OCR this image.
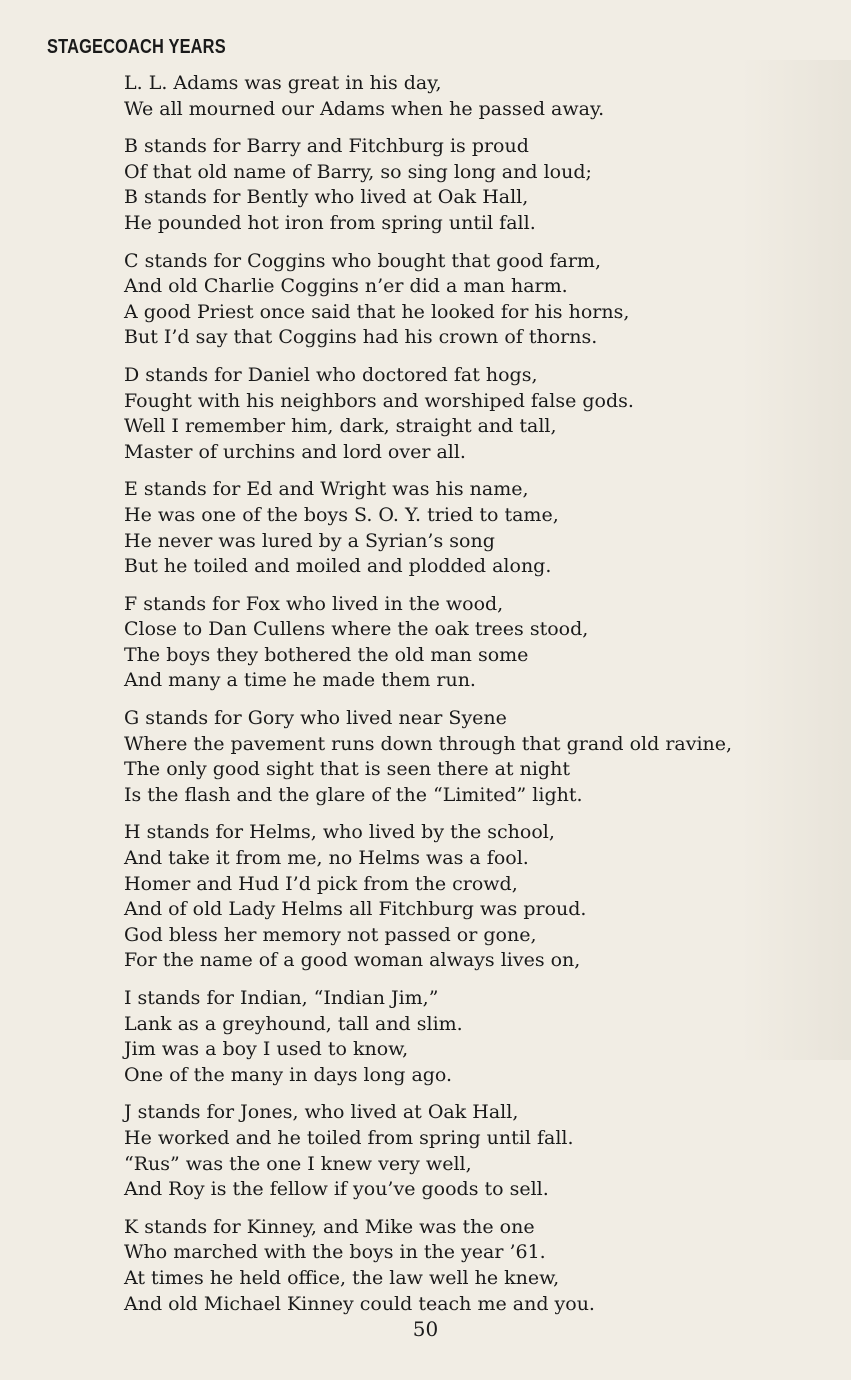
STAGECOACH YEARS
L. L. Adams was great in his day,
We all mourned our Adams when he passed away.
B stands for Barry and Fitchburg is proud
Of that old name of Barry, so sing long and loud;
B stands for Bently who lived at Oak Hall,
He pounded hot iron from spring until fall.
C stands for Coggins who bought that good farm,
And old Charlie Coggins n’er did a man harm.
A good Priest once said that he looked for his horns,
But I’d say that Coggins had his crown of thorns.
D stands for Daniel who doctored fat hogs,
Fought with his neighbors and worshiped false gods.
Well I remember him, dark, straight and tall,
Master of urchins and lord over all.
E stands for Ed and Wright was his name,
He was one of the boys S. O. Y. tried to tame,
He never was lured by a Syrian’s song
But he toiled and moiled and plodded along.
F stands for Fox who lived in the wood,
Close to Dan Cullens where the oak trees stood,
The boys they bothered the old man some
And many a time he made them run.
G stands for Gory who lived near Syene
Where the pavement runs down through that grand old ravine,
The only good sight that is seen there at night
Is the flash and the glare of the “Limited” light.
H stands for Helms, who lived by the school,
And take it from me, no Helms was a fool.
Homer and Hud I’d pick from the crowd,
And of old Lady Helms all Fitchburg was proud.
God bless her memory not passed or gone,
For the name of a good woman always lives on,
I stands for Indian, “Indian Jim,”
Lank as a greyhound, tall and slim.
Jim was a boy I used to know,
One of the many in days long ago.
J stands for Jones, who lived at Oak Hall,
He worked and he toiled from spring until fall.
“Rus” was the one I knew very well,
And Roy is the fellow if you’ve goods to sell.
K stands for Kinney, and Mike was the one
Who marched with the boys in the year ’61.
At times he held office, the law well he knew,
And old Michael Kinney could teach me and you.
50
